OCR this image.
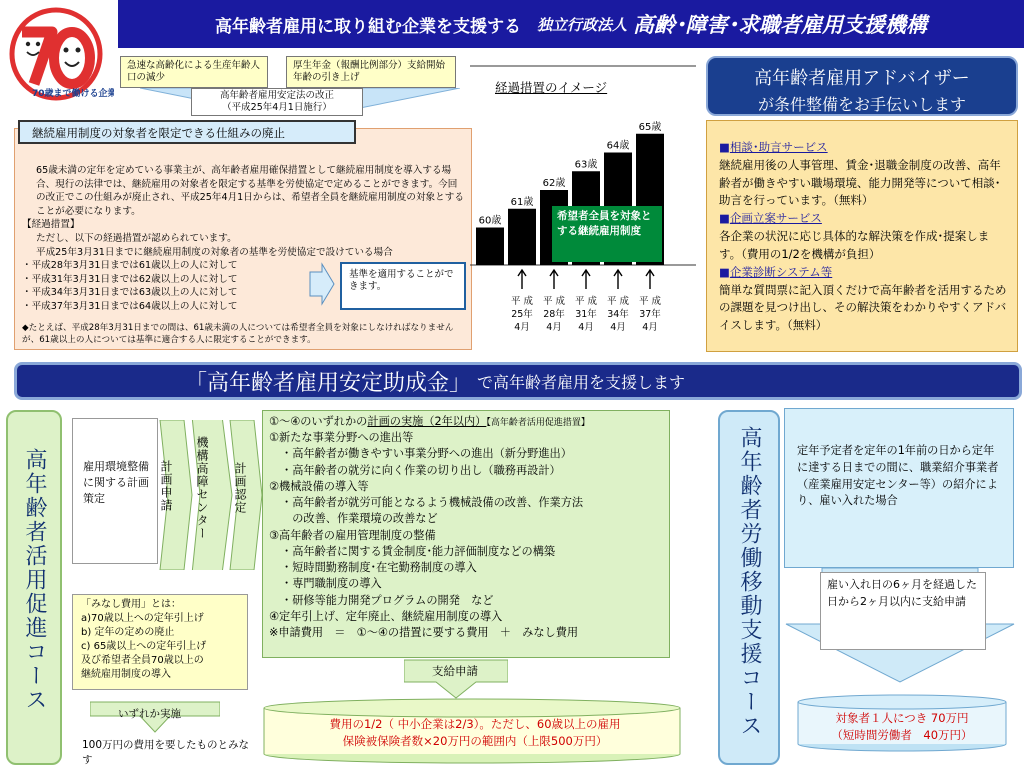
高年齢者雇用に取り組む企業を支援する 独立行政法人 高齢･障害･求職者雇用支援機構
70歳まで働ける企業
急速な高齢化による生産年齢人口の減少
厚生年金（報酬比例部分）支給開始年齢の引き上げ
高年齢者雇用安定法の改正
（平成25年4月1日施行）
継続雇用制度の対象者を限定できる仕組みの廃止
65歳未満の定年を定めている事業主が、高年齢者雇用確保措置として継続雇用制度を導入する場合、現行の法律では、継続雇用の対象者を限定する基準を労使協定で定めることができます。今回の改正でこの仕組みが廃止され、平成25年4月1日からは、希望者全員を継続雇用制度の対象とすることが必要になります。
【経過措置】
ただし、以下の経過措置が認められています。
平成25年3月31日までに継続雇用制度の対象者の基準を労使協定で設けている場合
・平成28年3月31日までは61歳以上の人に対して
・平成31年3月31日までは62歳以上の人に対して
・平成34年3月31日までは63歳以上の人に対して
・平成37年3月31日までは64歳以上の人に対して
◆たとえば、平成28年3月31日までの間は、61歳未満の人については希望者全員を対象にしなければなりませんが、61歳以上の人については基準に適合する人に限定することができます。
基準を適用することができます。
経過措置のイメージ
60歳
61歳
62歳
63歳
64歳
65歳
平 成
25年
4月
平 成
28年
4月
平 成
31年
4月
平 成
34年
4月
平 成
37年
4月
希望者全員を対象とする継続雇用制度
高年齢者雇用アドバイザー
が条件整備をお手伝いします
■相談･助言サービス
継続雇用後の人事管理、賃金･退職金制度の改善、高年齢者が働きやすい職場環境、能力開発等について相談･助言を行っています。（無料）
■企画立案サービス
各企業の状況に応じ具体的な解決策を作成･提案します。（費用の1/2を機構が負担）
■企業診断システム等
簡単な質問票に記入頂くだけで高年齢者を活用するための課題を見つけ出し、その解決策をわかりやすくアドバイスします。（無料）
「高年齢者雇用安定助成金」 で高年齢者雇用を支援します
高年齢者活用促進コース	雇用環境整備に関する計画策定	計画申請 機構高障センター 計画認定
①～④のいずれかの計画の実施（2年以内）【高年齢者活用促進措置】
①新たな事業分野への進出等
・高年齢者が働きやすい事業分野への進出（新分野進出）
・高年齢者の就労に向く作業の切り出し（職務再設計）
②機械設備の導入等
・高年齢者が就労可能となるよう機械設備の改善、作業方法
　の改善、作業環境の改善など
③高年齢者の雇用管理制度の整備
・高年齢者に関する賃金制度･能力評価制度などの構築
・短時間勤務制度･在宅勤務制度の導入
・専門職制度の導入
・研修等能力開発プログラムの開発　など
④定年引上げ、定年廃止、継続雇用制度の導入
※申請費用　＝　①～④の措置に要する費用　＋　みなし費用
「みなし費用」とは：
a)70歳以上への定年引上げ
b) 定年の定めの廃止
c) 65歳以上への定年引上げ
及び希望者全員70歳以上の
継続雇用制度の導入
いずれか実施
100万円の費用を要したものとみなす
支給申請
費用の1/2（ 中小企業は2/3）。ただし、60歳以上の雇用
保険被保険者数×20万円の範囲内（上限500万円）
高年齢者労働移動支援コース	定年予定者を定年の1年前の日から定年に達する日までの間に、職業紹介事業者（産業雇用安定センター等）の紹介により、雇い入れた場合
雇い入れ日の6ヶ月を経過した日から2ヶ月以内に支給申請
対象者１人につき 70万円
（短時間労働者　40万円）
